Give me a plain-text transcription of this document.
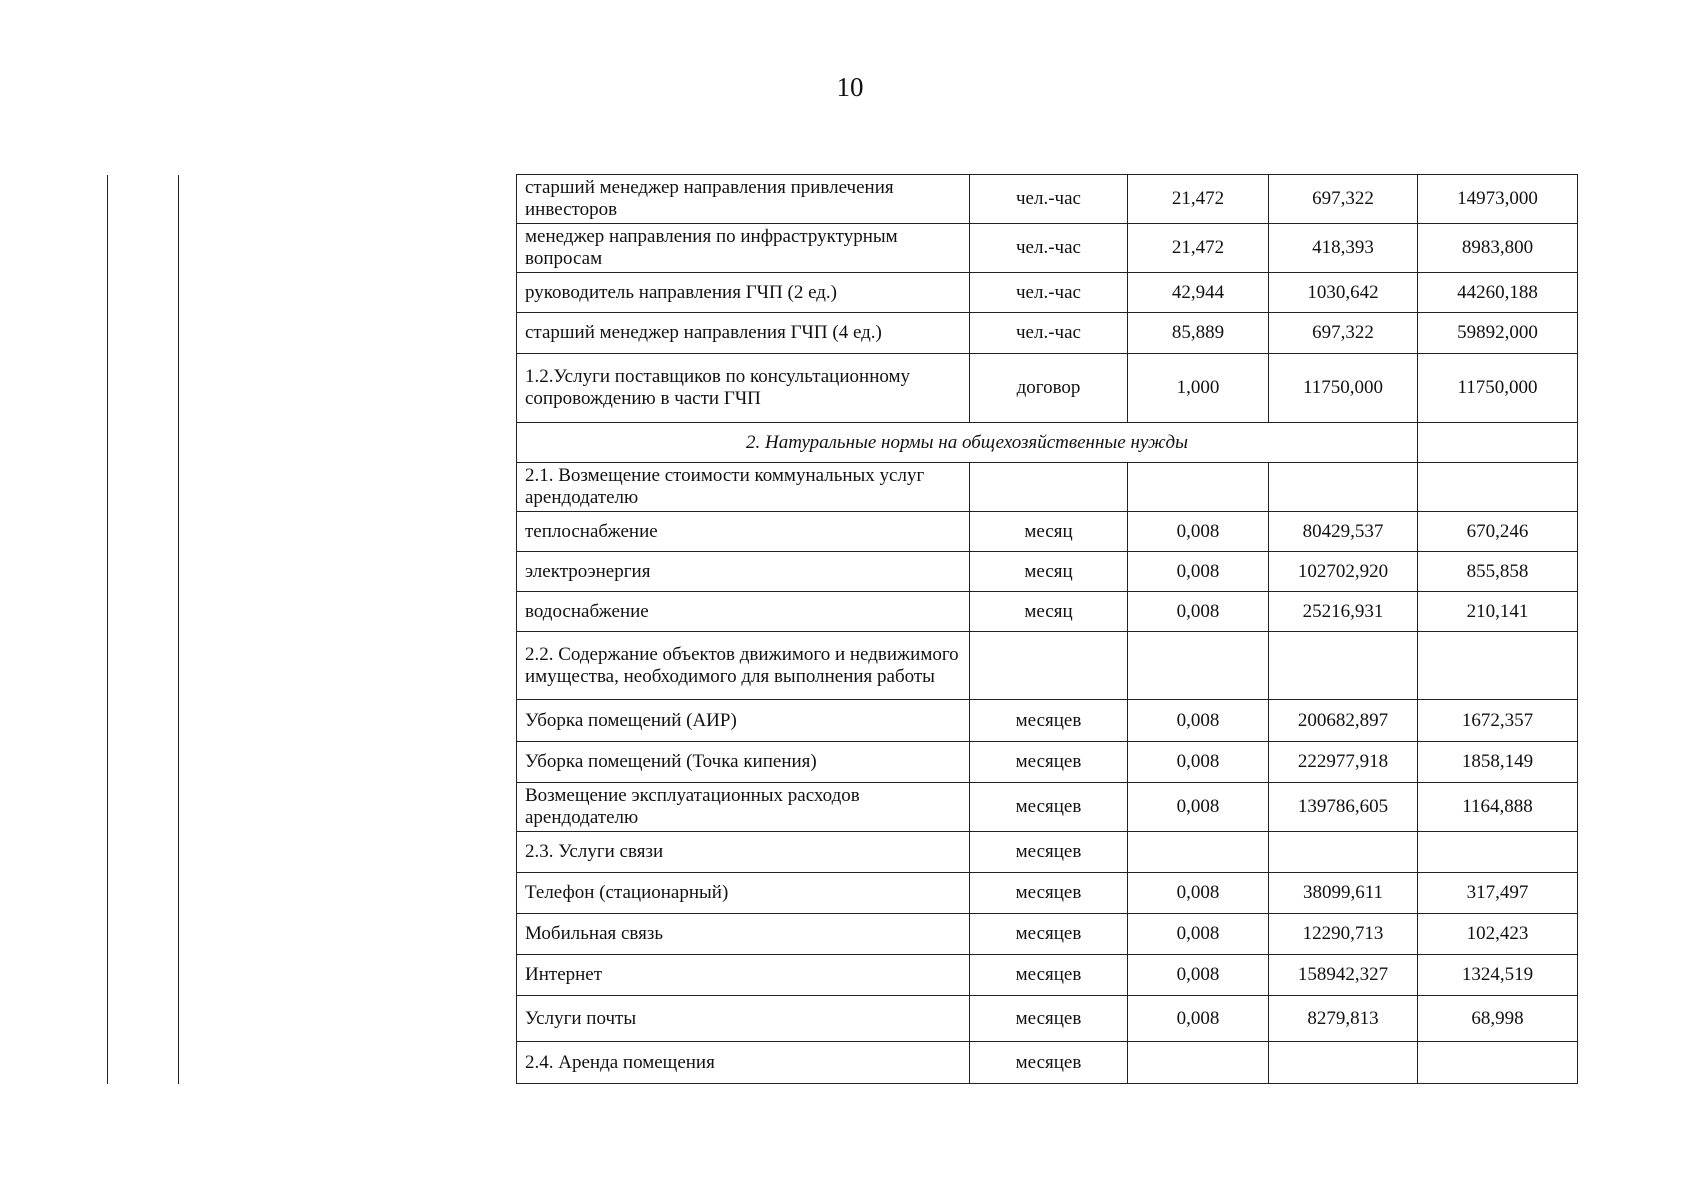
10
		старший менеджер направления привлечения инвесторов	чел.-час	21,472	697,322	14973,000
		менеджер направления по инфраструктурным вопросам	чел.-час	21,472	418,393	8983,800
		руководитель направления ГЧП (2 ед.)	чел.-час	42,944	1030,642	44260,188
		старший менеджер направления ГЧП (4 ед.)	чел.-час	85,889	697,322	59892,000
		1.2.Услуги поставщиков по консультационному сопровождению в части ГЧП	договор	1,000	11750,000	11750,000
		2. Натуральные нормы на общехозяйственные нужды				
		2.1. Возмещение стоимости коммунальных услуг арендодателю				
		теплоснабжение	месяц	0,008	80429,537	670,246
		электроэнергия	месяц	0,008	102702,920	855,858
		водоснабжение	месяц	0,008	25216,931	210,141
		2.2. Содержание объектов движимого и недвижимого имущества, необходимого для выполнения работы				
		Уборка помещений (АИР)	месяцев	0,008	200682,897	1672,357
		Уборка помещений (Точка кипения)	месяцев	0,008	222977,918	1858,149
		Возмещение эксплуатационных расходов арендодателю	месяцев	0,008	139786,605	1164,888
		2.3. Услуги связи	месяцев			
		Телефон (стационарный)	месяцев	0,008	38099,611	317,497
		Мобильная связь	месяцев	0,008	12290,713	102,423
		Интернет	месяцев	0,008	158942,327	1324,519
		Услуги почты	месяцев	0,008	8279,813	68,998
		2.4. Аренда помещения	месяцев			
